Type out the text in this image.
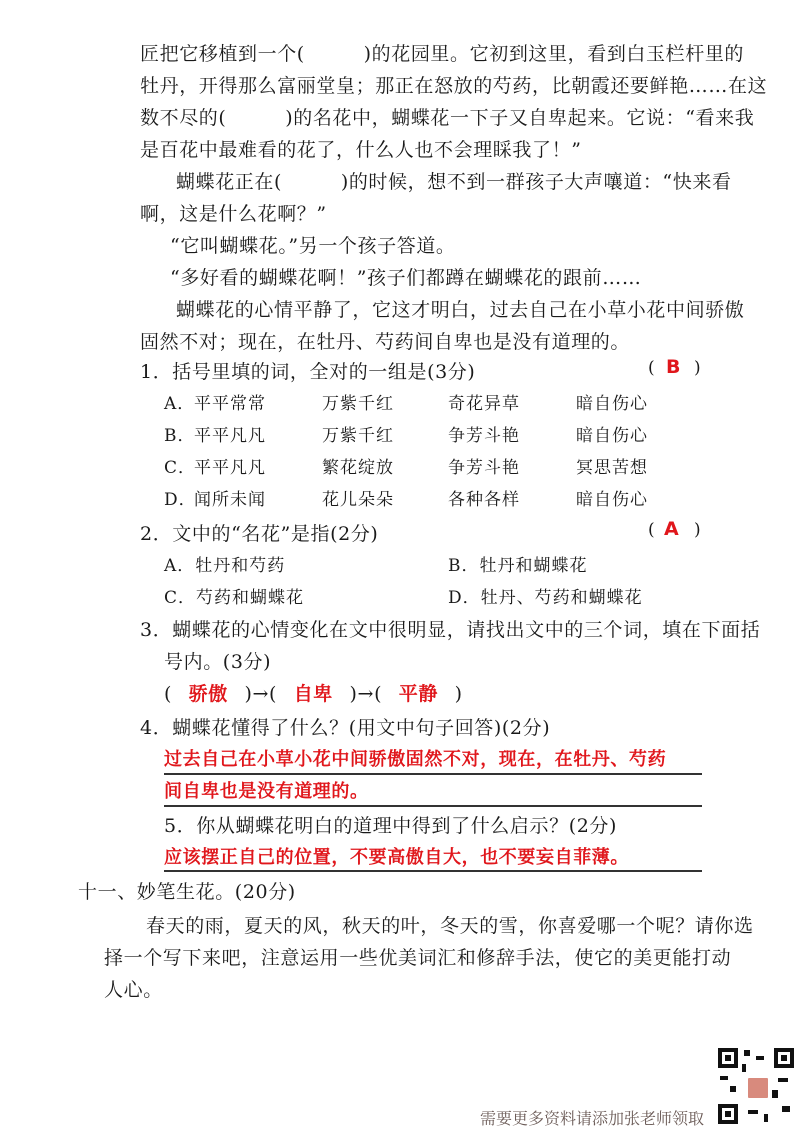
匠把它移植到一个(　　　)的花园里。它初到这里，看到白玉栏杆里的
牡丹，开得那么富丽堂皇；那正在怒放的芍药，比朝霞还要鲜艳……在这
数不尽的(　　　)的名花中，蝴蝶花一下子又自卑起来。它说：“看来我
是百花中最难看的花了，什么人也不会理睬我了！”
蝴蝶花正在(　　　)的时候，想不到一群孩子大声嚷道：“快来看
啊，这是什么花啊？”
“它叫蝴蝶花。”另一个孩子答道。
“多好看的蝴蝶花啊！”孩子们都蹲在蝴蝶花的跟前……
蝴蝶花的心情平静了，它这才明白，过去自己在小草小花中间骄傲
固然不对；现在，在牡丹、芍药间自卑也是没有道理的。
1．括号里填的词，全对的一组是(3分)	( B )
A．
平平常常	万紫千红	奇花异草	暗自伤心
B．
平平凡凡	万紫千红	争芳斗艳	暗自伤心
C．
平平凡凡	繁花绽放	争芳斗艳	冥思苦想
D．
闻所未闻	花儿朵朵	各种各样	暗自伤心
2．文中的“名花”是指(2分)	( A )
A．牡丹和芍药	B．牡丹和蝴蝶花
C．芍药和蝴蝶花	D．牡丹、芍药和蝴蝶花
3．蝴蝶花的心情变化在文中很明显，请找出文中的三个词，填在下面括
号内。(3分)
( 骄傲 )→( 自卑 )→( 平静 )
4．蝴蝶花懂得了什么？(用文中句子回答)(2分)
过去自己在小草小花中间骄傲固然不对，现在，在牡丹、芍药
间自卑也是没有道理的。
5．你从蝴蝶花明白的道理中得到了什么启示？(2分)
应该摆正自己的位置，不要高傲自大，也不要妄自菲薄。
十一、妙笔生花。(20分)
春天的雨，夏天的风，秋天的叶，冬天的雪，你喜爱哪一个呢？请你选
择一个写下来吧，注意运用一些优美词汇和修辞手法，使它的美更能打动
人心。
需要更多资料请添加张老师领取
